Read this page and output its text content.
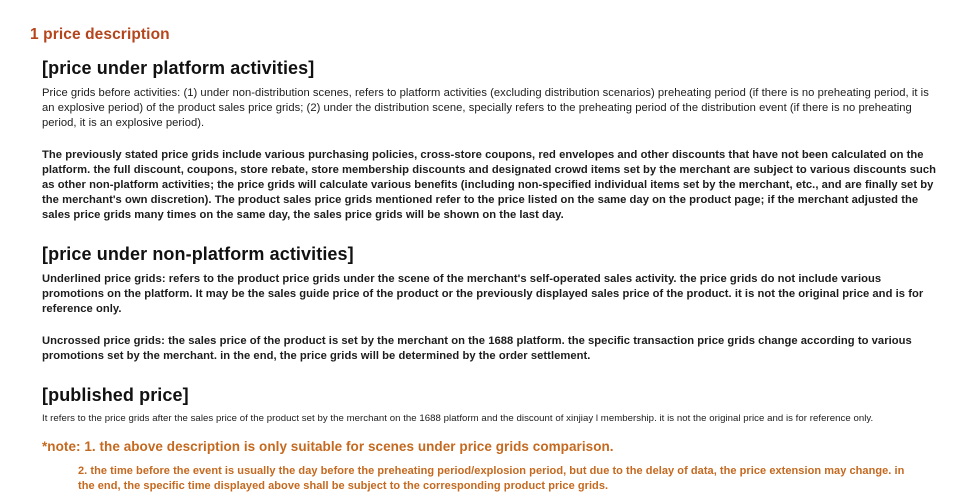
1 price description
[price under platform activities]

Price grids before activities: (1) under non-distribution scenes, refers to platform activities (excluding distribution scenarios) preheating period (if there is no preheating period, it is an explosive period) of the product sales price grids; (2) under the distribution scene, specially refers to the preheating period of the distribution event (if there is no preheating period, it is an explosive period).

The previously stated price grids include various purchasing policies, cross-store coupons, red envelopes and other discounts that have not been calculated on the platform. the full discount, coupons, store rebate, store membership discounts and designated crowd items set by the merchant are subject to various discounts such as other non-platform activities; the price grids will calculate various benefits (including non-specified individual items set by the merchant, etc., and are finally set by the merchant's own discretion). The product sales price grids mentioned refer to the price listed on the same day on the product page; if the merchant adjusted the sales price grids many times on the same day, the sales price grids will be shown on the last day.

[price under non-platform activities]

Underlined price grids: refers to the product price grids under the scene of the merchant's self-operated sales activity. the price grids do not include various promotions on the platform. It may be the sales guide price of the product or the previously displayed sales price of the product. it is not the original price and is for reference only.

Uncrossed price grids: the sales price of the product is set by the merchant on the 1688 platform. the specific transaction price grids change according to various promotions set by the merchant. in the end, the price grids will be determined by the order settlement.

[published price]

It refers to the price grids after the sales price of the product set by the merchant on the 1688 platform and the discount of xinjiay l membership. it is not the original price and is for reference only.

*note: 1. the above description is only suitable for scenes under price grids comparison.

2. the time before the event is usually the day before the preheating period/explosion period, but due to the delay of data, the price extension may change. in the end, the specific time displayed above shall be subject to the corresponding product price grids.
